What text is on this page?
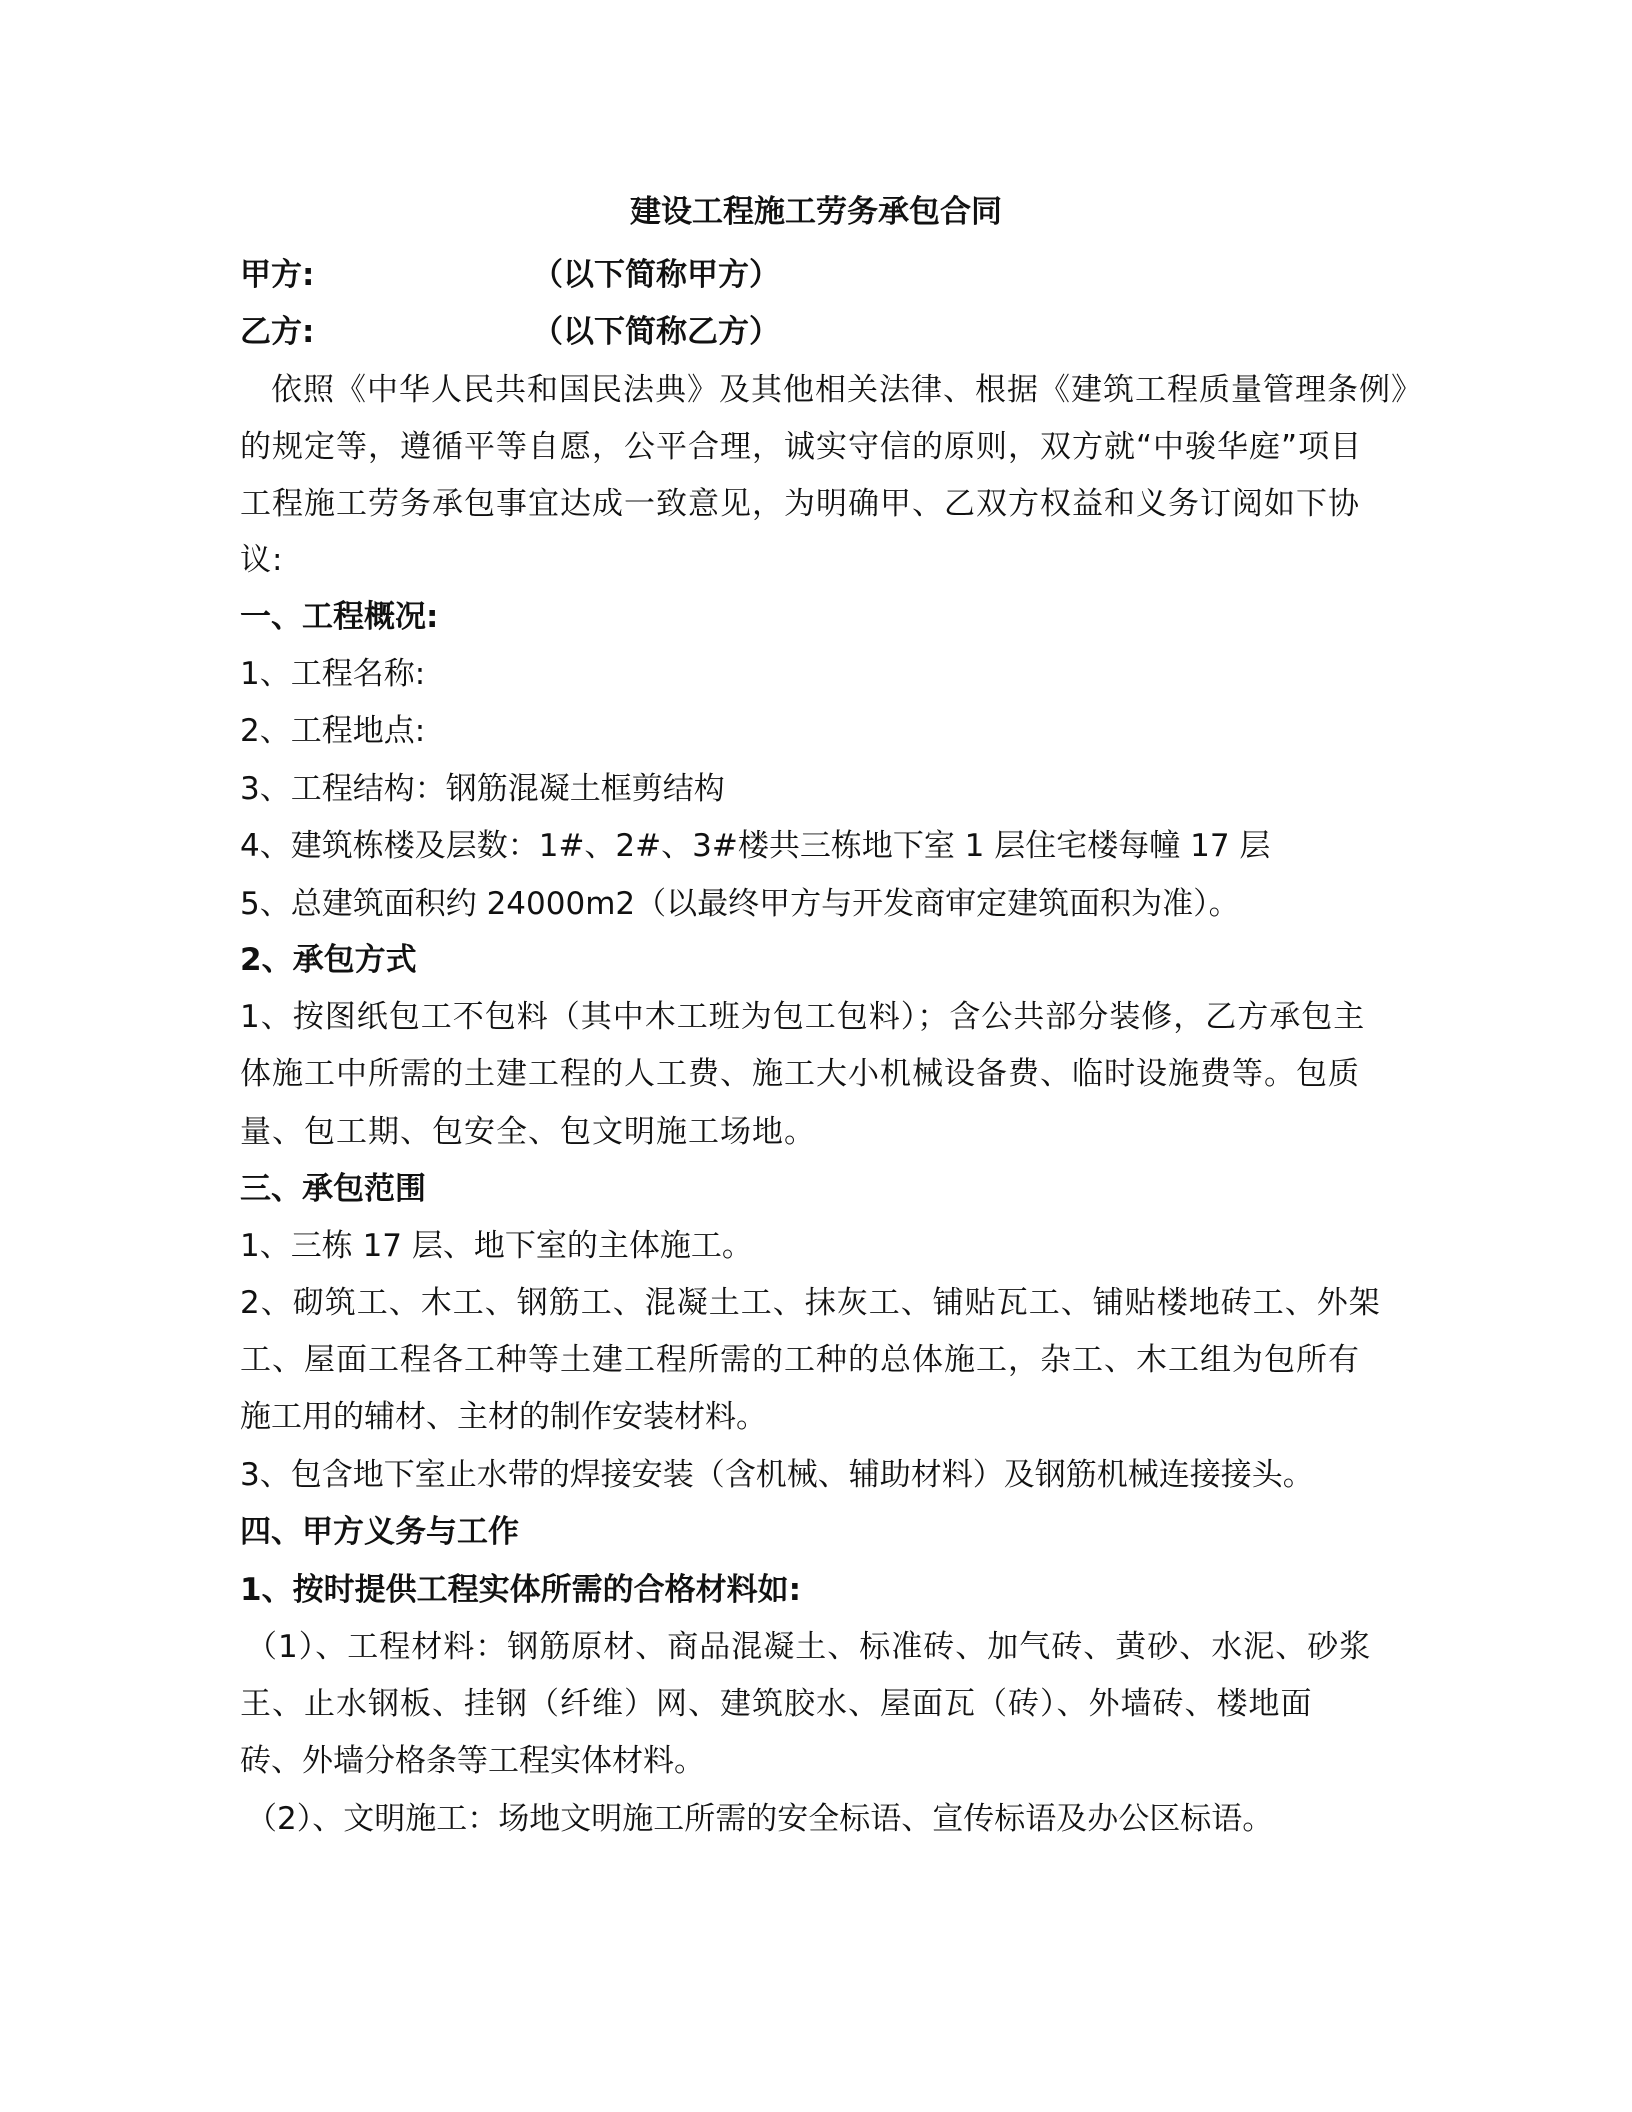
建设工程施工劳务承包合同
甲方:	（以下简称甲方）
乙方:	（以下简称乙方）
依照《中华人民共和国民法典》及其他相关法律、根据《建筑工程质量管理条例》
的规定等，遵循平等自愿，公平合理，诚实守信的原则，双方就“中骏华庭”项目
工程施工劳务承包事宜达成一致意见，为明确甲、乙双方权益和义务订阅如下协
议:
一、工程概况:
1、工程名称:
2、工程地点:
3、工程结构：钢筋混凝土框剪结构
4、建筑栋楼及层数：1#、2#、3#楼共三栋地下室 1 层住宅楼每幢 17 层
5、总建筑面积约 24000m2（以最终甲方与开发商审定建筑面积为准）。
2、承包方式
1、按图纸包工不包料（其中木工班为包工包料）；含公共部分装修，乙方承包主
体施工中所需的土建工程的人工费、施工大小机械设备费、临时设施费等。包质
量、包工期、包安全、包文明施工场地。
三、承包范围
1、三栋 17 层、地下室的主体施工。
2、砌筑工、木工、钢筋工、混凝土工、抹灰工、铺贴瓦工、铺贴楼地砖工、外架
工、屋面工程各工种等土建工程所需的工种的总体施工，杂工、木工组为包所有
施工用的辅材、主材的制作安装材料。
3、包含地下室止水带的焊接安装（含机械、辅助材料）及钢筋机械连接接头。
四、甲方义务与工作
1、按时提供工程实体所需的合格材料如:
（1）、工程材料：钢筋原材、商品混凝土、标准砖、加气砖、黄砂、水泥、砂浆
王、止水钢板、挂钢（纤维）网、建筑胶水、屋面瓦（砖）、外墙砖、楼地面
砖、外墙分格条等工程实体材料。
（2）、文明施工：场地文明施工所需的安全标语、宣传标语及办公区标语。
